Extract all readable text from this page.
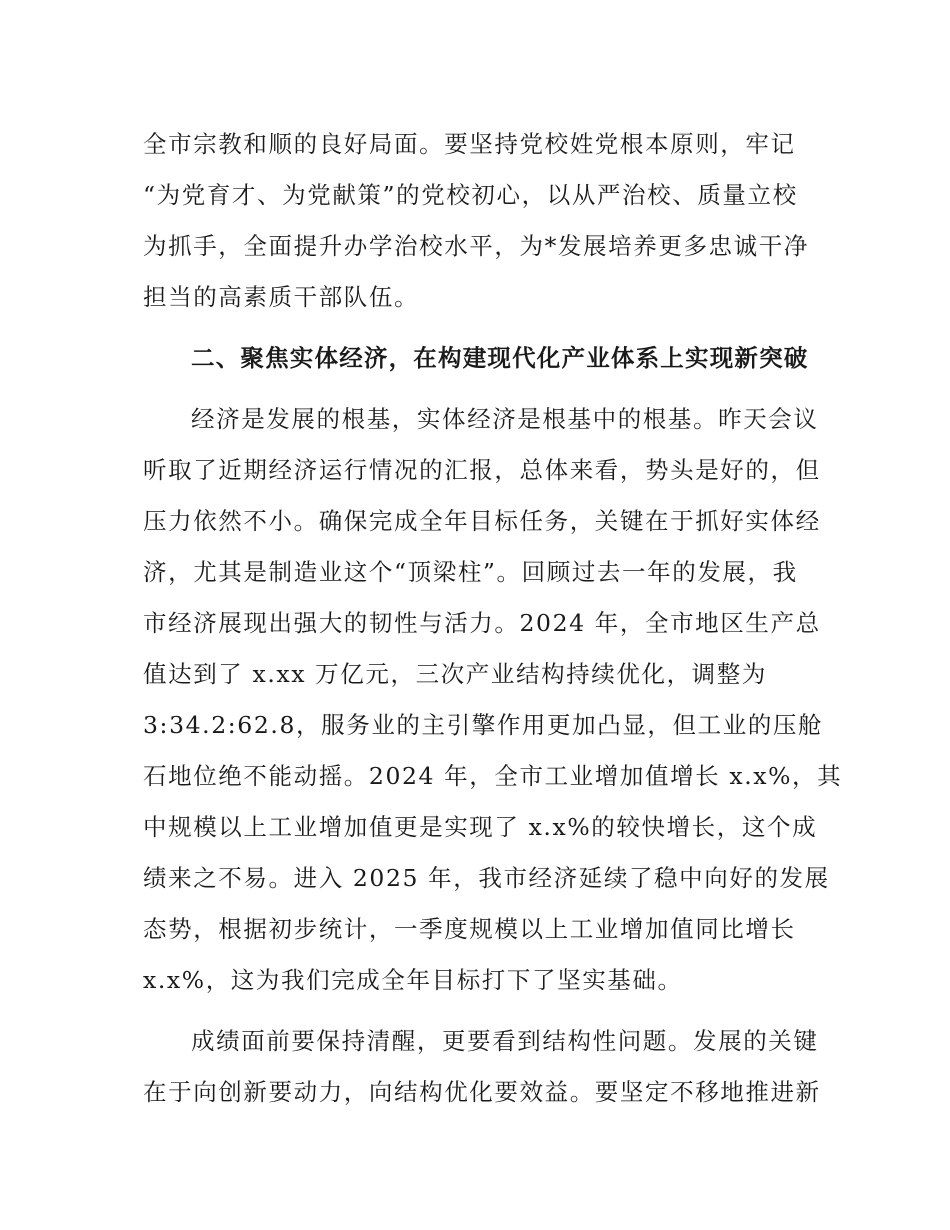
全市宗教和顺的良好局面。要坚持党校姓党根本原则，牢记
“为党育才、为党献策”的党校初心，以从严治校、质量立校
为抓手，全面提升办学治校水平，为*发展培养更多忠诚干净
担当的高素质干部队伍。
二、聚焦实体经济，在构建现代化产业体系上实现新突破
经济是发展的根基，实体经济是根基中的根基。昨天会议
听取了近期经济运行情况的汇报，总体来看，势头是好的，但
压力依然不小。确保完成全年目标任务，关键在于抓好实体经
济，尤其是制造业这个“顶梁柱”。回顾过去一年的发展，我
市经济展现出强大的韧性与活力。2024 年，全市地区生产总
值达到了 x.xx 万亿元，三次产业结构持续优化，调整为
3:34.2:62.8，服务业的主引擎作用更加凸显，但工业的压舱
石地位绝不能动摇。2024 年，全市工业增加值增长 x.x%，其
中规模以上工业增加值更是实现了 x.x%的较快增长，这个成
绩来之不易。进入 2025 年，我市经济延续了稳中向好的发展
态势，根据初步统计，一季度规模以上工业增加值同比增长
x.x%，这为我们完成全年目标打下了坚实基础。
成绩面前要保持清醒，更要看到结构性问题。发展的关键
在于向创新要动力，向结构优化要效益。要坚定不移地推进新
